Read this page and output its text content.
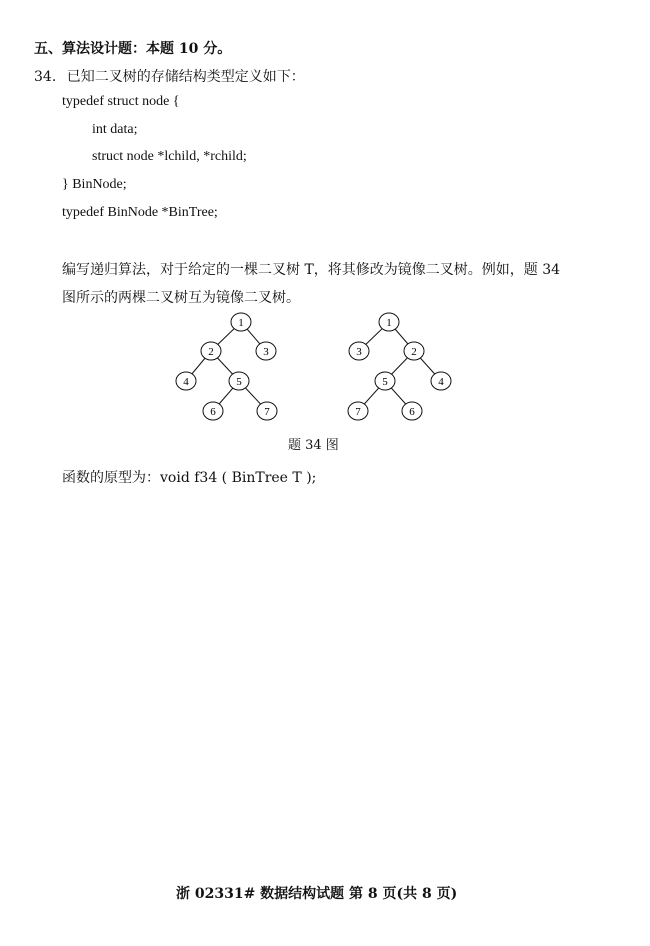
五、算法设计题：本题 10 分。
34. 已知二叉树的存储结构类型定义如下：
typedef struct node {
int data;
struct node *lchild, *rchild;
} BinNode;
typedef BinNode *BinTree;
编写递归算法，对于给定的一棵二叉树 T，将其修改为镜像二叉树。例如，题 34
图所示的两棵二叉树互为镜像二叉树。
1
2	3
4	5
6	7
1
3	2
5	4
7	6
题 34 图
函数的原型为：void f34 ( BinTree T );
浙 02331# 数据结构试题 第 8 页(共 8 页)
